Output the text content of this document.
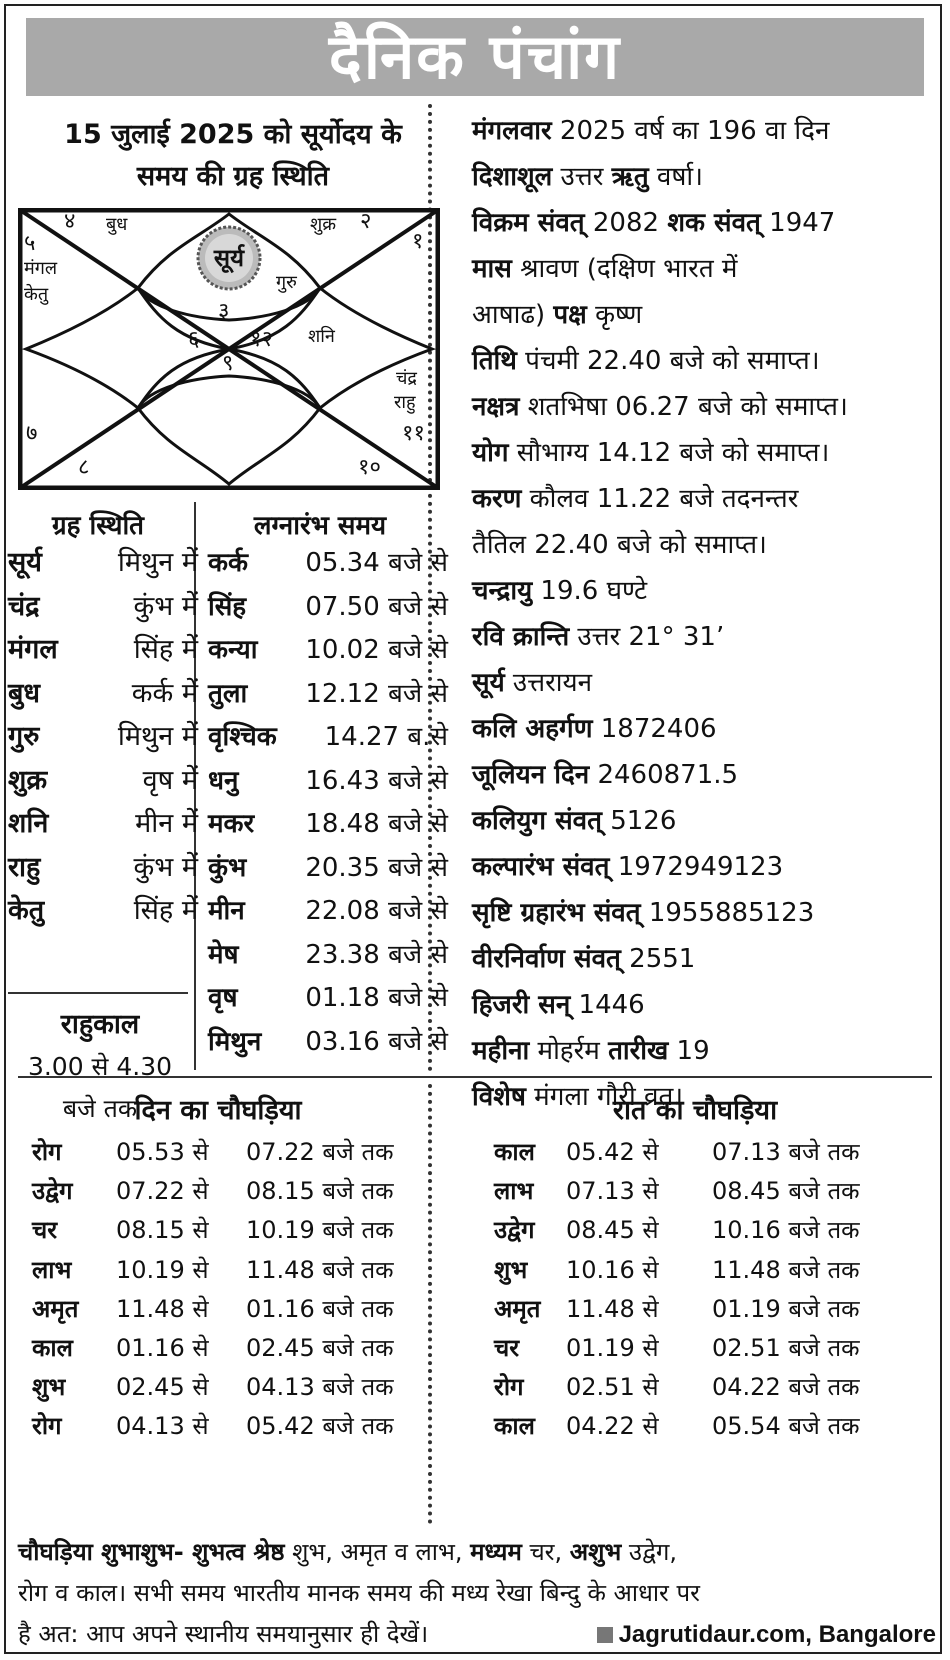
दैनिक पंचांग
15 जुलाई 2025 को सूर्योदय के
समय की ग्रह स्थिति
सूर्य
४ बुध	शुक्र २
१
५
मंगल
केतु
गुरु
३
६ १२ शनि
९
चंद्र
राहु
११
७
८	१०
ग्रह स्थिति	लग्नारंभ समय
सूर्य	मिथुन में
चंद्र	कुंभ में
मंगल	सिंह में
बुध	कर्क में
गुरु	मिथुन में
शुक्र	वृष में
शनि	मीन में
राहु	कुंभ में
केतु	सिंह में
कर्क 05.34 बजे से
सिंह 07.50 बजे से
कन्या 10.02 बजे से
तुला 12.12 बजे से
वृश्चिक 14.27 ब.से
धनु	16.43 बजे से
मकर 18.48 बजे से
कुंभ 20.35 बजे से
मीन 22.08 बजे से
मेष	23.38 बजे से
वृष	01.18 बजे से
मिथुन 03.16 बजे से
राहुकाल
3.00 से 4.30
बजे तक
मंगलवार 2025 वर्ष का 196 वा दिन
दिशाशूल उत्तर ऋतु वर्षा।
विक्रम संवत् 2082 शक संवत् 1947
मास श्रावण (दक्षिण भारत में
आषाढ) पक्ष कृष्ण
तिथि पंचमी 22.40 बजे को समाप्त।
नक्षत्र शतभिषा 06.27 बजे को समाप्त।
योग सौभाग्य 14.12 बजे को समाप्त।
करण कौलव 11.22 बजे तदनन्तर
तैतिल 22.40 बजे को समाप्त।
चन्द्रायु 19.6 घण्टे
रवि क्रान्ति उत्तर 21° 31’
सूर्य उत्तरायन
कलि अहर्गण 1872406
जूलियन दिन 2460871.5
कलियुग संवत् 5126
कल्पारंभ संवत् 1972949123
सृष्टि ग्रहारंभ संवत् 1955885123
वीरनिर्वाण संवत् 2551
हिजरी सन् 1446
महीना मोहर्रम तारीख 19
विशेष मंगला गौरी व्रत।
दिन का चौघड़िया	रात का चौघड़िया
रोग 05.53 से 07.22 बजे तक
उद्वेग 07.22 से 08.15 बजे तक
चर 08.15 से 10.19 बजे तक
लाभ 10.19 से 11.48 बजे तक
अमृत 11.48 से 01.16 बजे तक
काल 01.16 से 02.45 बजे तक
शुभ 02.45 से 04.13 बजे तक
रोग 04.13 से 05.42 बजे तक
काल 05.42 से 07.13 बजे तक
लाभ 07.13 से 08.45 बजे तक
उद्वेग 08.45 से 10.16 बजे तक
शुभ 10.16 से 11.48 बजे तक
अमृत 11.48 से 01.19 बजे तक
चर 01.19 से 02.51 बजे तक
रोग 02.51 से 04.22 बजे तक
काल 04.22 से 05.54 बजे तक
चौघड़िया शुभाशुभ- शुभत्व श्रेष्ठ शुभ, अमृत व लाभ, मध्यम चर, अशुभ उद्वेग,
रोग व काल। सभी समय भारतीय मानक समय की मध्य रेखा बिन्दु के आधार पर
है अत: आप अपने स्थानीय समयानुसार ही देखें।	Jagrutidaur.com, Bangalore
